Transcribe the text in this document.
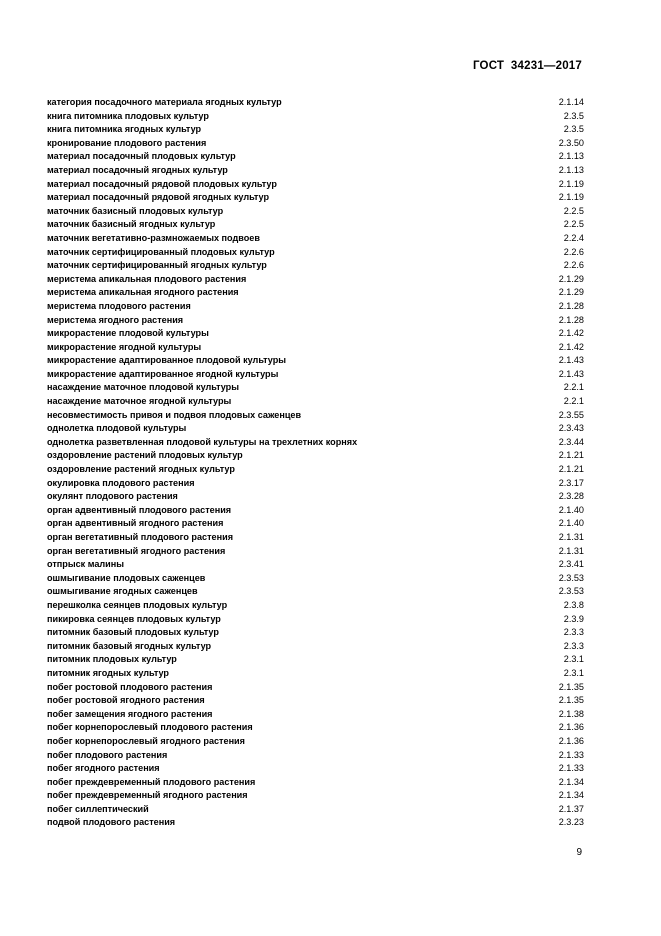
ГОСТ  34231—2017
категория посадочного материала ягодных культур	2.1.14
книга питомника плодовых культур	2.3.5
книга питомника ягодных культур	2.3.5
кронирование плодового растения	2.3.50
материал посадочный плодовых культур	2.1.13
материал посадочный ягодных культур	2.1.13
материал посадочный рядовой плодовых культур	2.1.19
материал посадочный рядовой ягодных культур	2.1.19
маточник базисный плодовых культур	2.2.5
маточник базисный ягодных культур	2.2.5
маточник вегетативно-размножаемых подвоев	2.2.4
маточник сертифицированный плодовых культур	2.2.6
маточник сертифицированный ягодных культур	2.2.6
меристема апикальная плодового растения	2.1.29
меристема апикальная ягодного растения	2.1.29
меристема плодового растения	2.1.28
меристема ягодного растения	2.1.28
микрорастение плодовой культуры	2.1.42
микрорастение ягодной культуры	2.1.42
микрорастение адаптированное плодовой культуры	2.1.43
микрорастение адаптированное ягодной культуры	2.1.43
насаждение маточное плодовой культуры	2.2.1
насаждение маточное ягодной культуры	2.2.1
несовместимость привоя и подвоя плодовых саженцев	2.3.55
однолетка плодовой культуры	2.3.43
однолетка разветвленная плодовой культуры на трехлетних корнях	2.3.44
оздоровление растений плодовых культур	2.1.21
оздоровление растений ягодных культур	2.1.21
окулировка плодового растения	2.3.17
окулянт плодового растения	2.3.28
орган адвентивный плодового растения	2.1.40
орган адвентивный ягодного растения	2.1.40
орган вегетативный плодового растения	2.1.31
орган вегетативный ягодного растения	2.1.31
отпрыск малины	2.3.41
ошмыгивание плодовых саженцев	2.3.53
ошмыгивание ягодных саженцев	2.3.53
перешколка сеянцев плодовых культур	2.3.8
пикировка сеянцев плодовых культур	2.3.9
питомник базовый плодовых культур	2.3.3
питомник базовый ягодных культур	2.3.3
питомник плодовых культур	2.3.1
питомник ягодных культур	2.3.1
побег ростовой плодового растения	2.1.35
побег ростовой ягодного растения	2.1.35
побег замещения ягодного растения	2.1.38
побег корнепорослевый плодового растения	2.1.36
побег корнепорослевый ягодного растения	2.1.36
побег плодового растения	2.1.33
побег ягодного растения	2.1.33
побег преждевременный плодового растения	2.1.34
побег преждевременный ягодного растения	2.1.34
побег силлептический	2.1.37
подвой плодового растения	2.3.23
9
